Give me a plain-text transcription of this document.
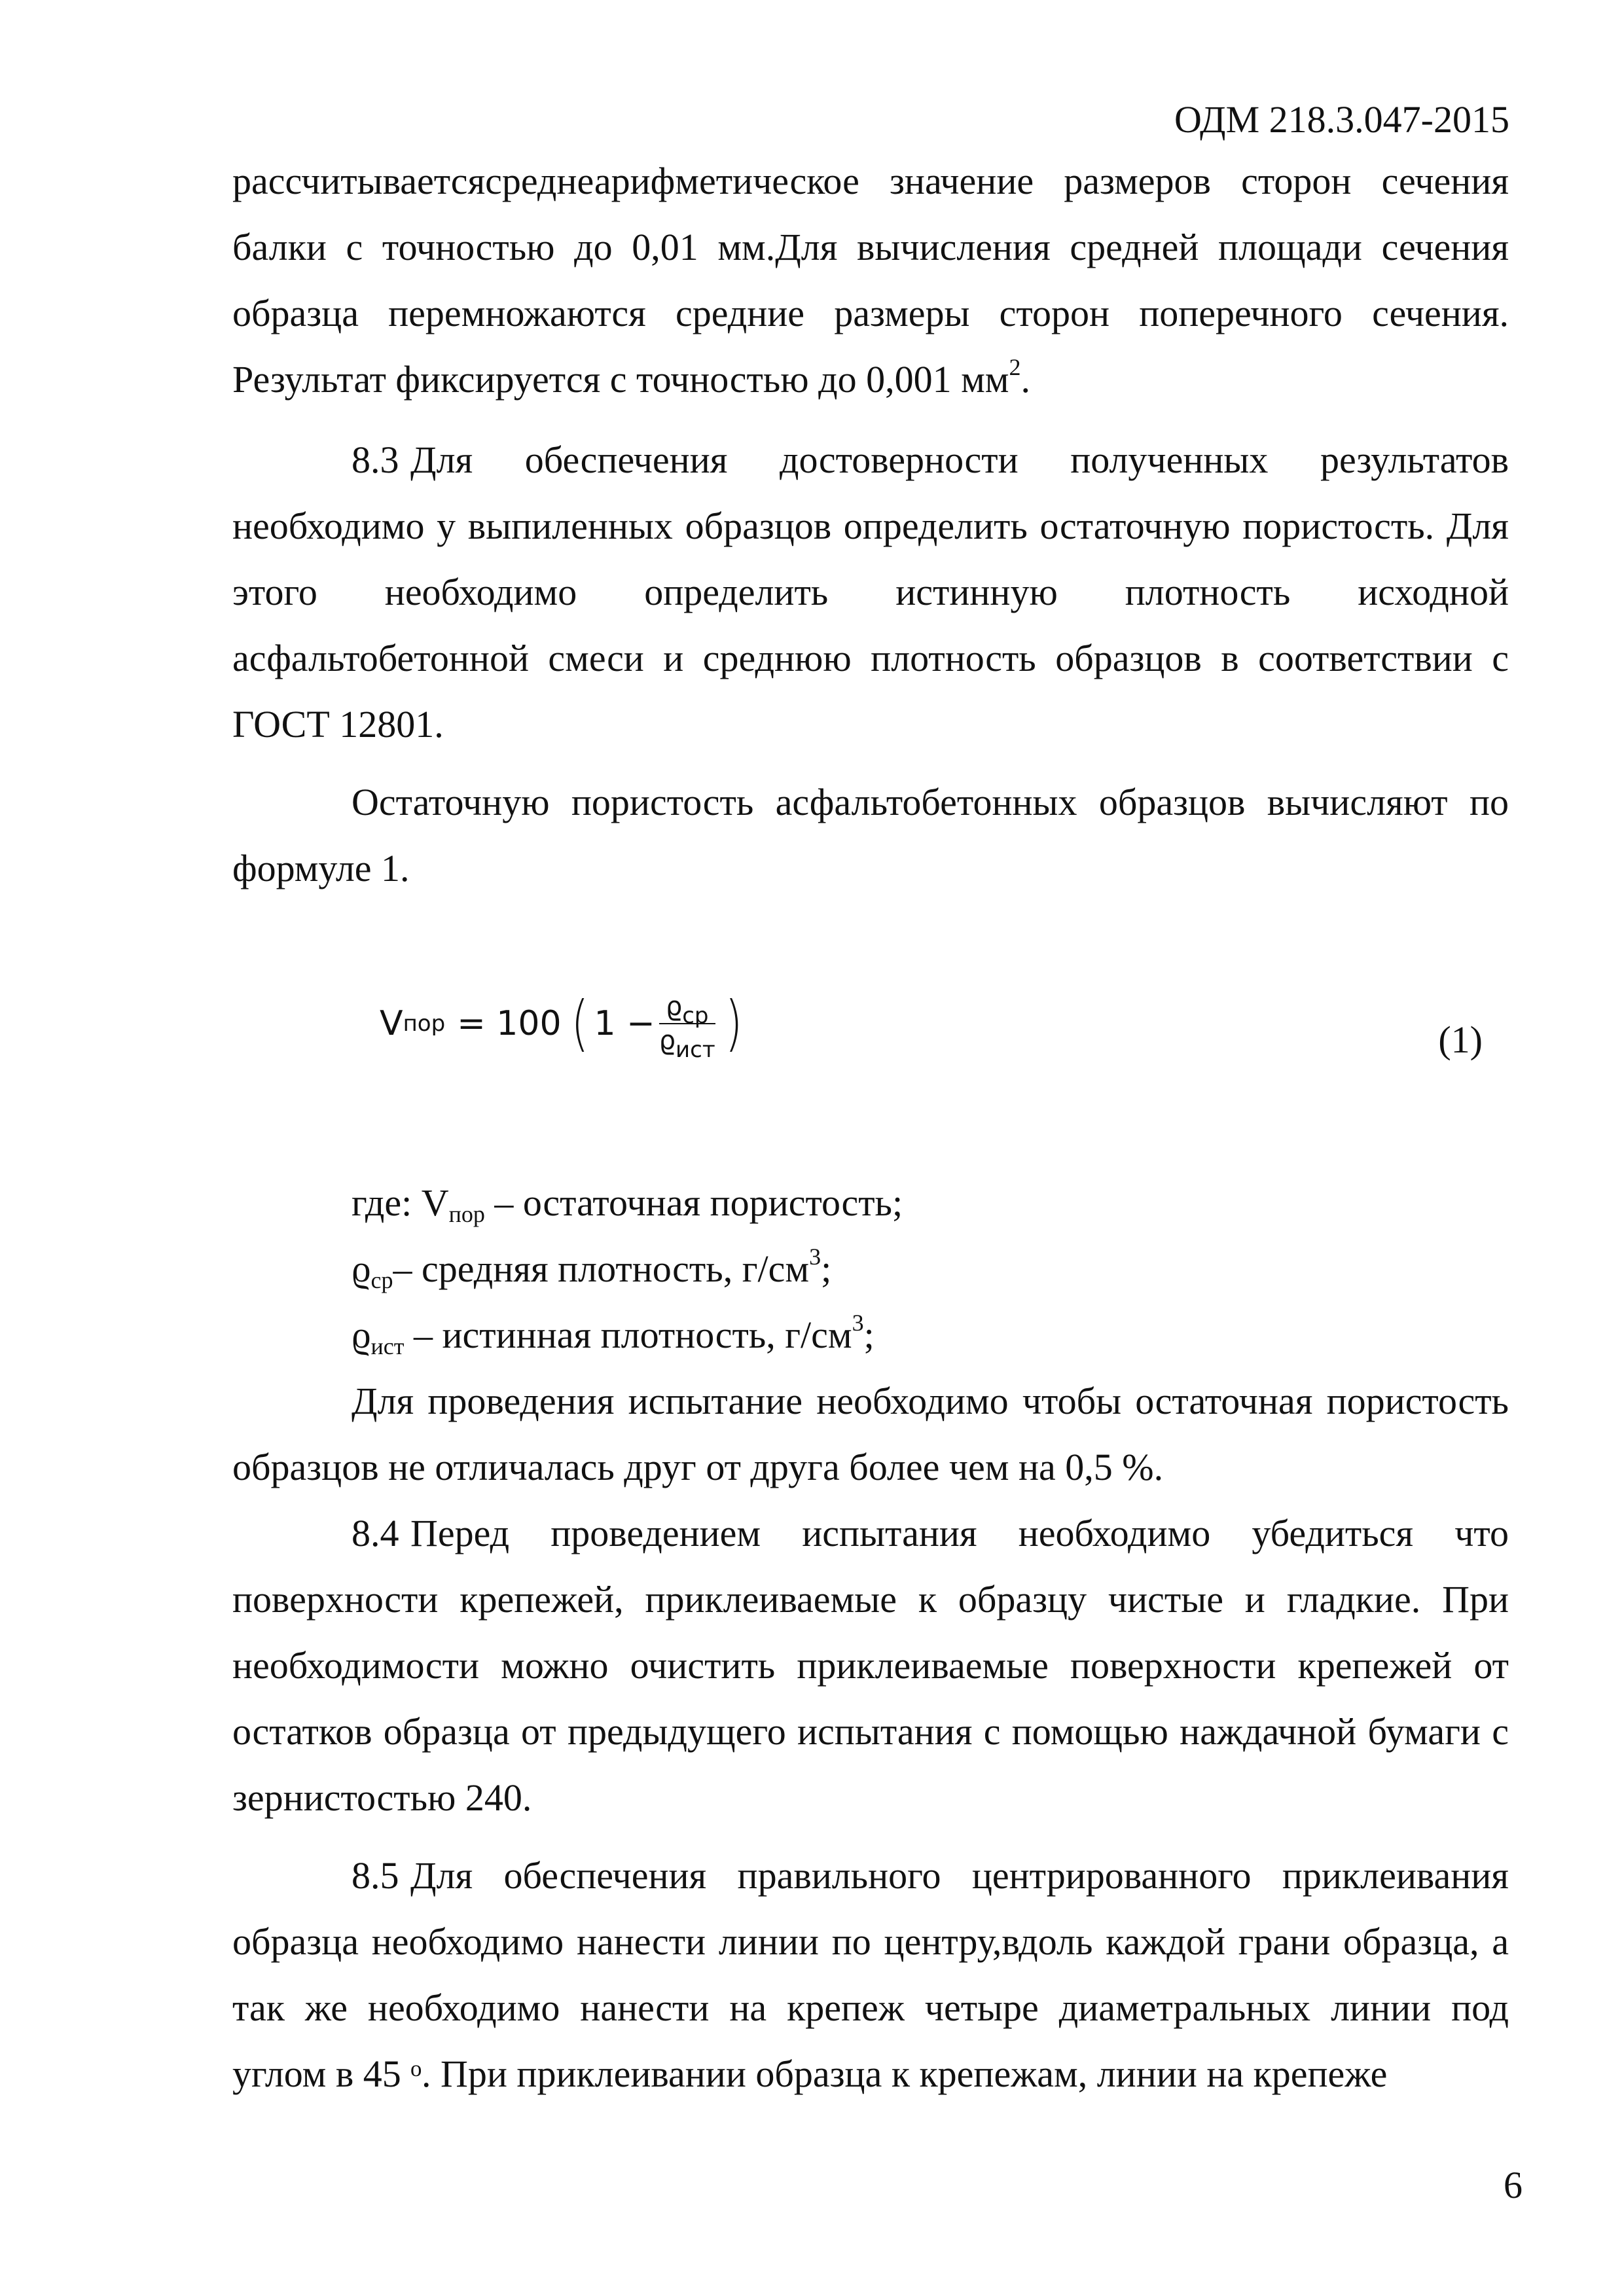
ОДМ 218.3.047-2015

рассчитываетсясреднеарифметическое значение размеров сторон сечения балки с точностью до 0,01 мм.Для вычисления средней площади сечения образца перемножаются средние размеры сторон поперечного сечения. Результат фиксируется с точностью до 0,001 $мм^2$.

8.3 Для обеспечения достоверности полученных результатов необходимо у выпиленных образцов определить остаточную пористость. Для этого необходимо определить истинную плотность исходной асфальтобетонной смеси и среднюю плотность образцов в соответствии с ГОСТ 12801.

Остаточную пористость асфальтобетонных образцов вычисляют по формуле 1.

V пор = 100 ( $1 - \frac{ϱ_{ср}}{ϱ_{ист}}$ )	(1)

где: $V_{пор}$ – остаточная пористость;

$ϱ_{ср}-$ средняя плотность, $г/см^3$;

$ϱ_{ист}$ – истинная плотность, $г/см^3$;

Для проведения испытание необходимо чтобы остаточная пористость образцов не отличалась друг от друга более чем на 0,5 %.

8.4 Перед проведением испытания необходимо убедиться что поверхности крепежей, приклеиваемые к образцу чистые и гладкие. При необходимости можно очистить приклеиваемые поверхности крепежей от остатков образца от предыдущего испытания с помощью наждачной бумаги с зернистостью 240.

8.5 Для обеспечения правильного центрированного приклеивания образца необходимо нанести линии по центру,вдоль каждой грани образца, а так же необходимо нанести на крепеж четыре диаметральных линии под углом в 45 ᵒ. При приклеивании образца к крепежам, линии на крепеже

6
